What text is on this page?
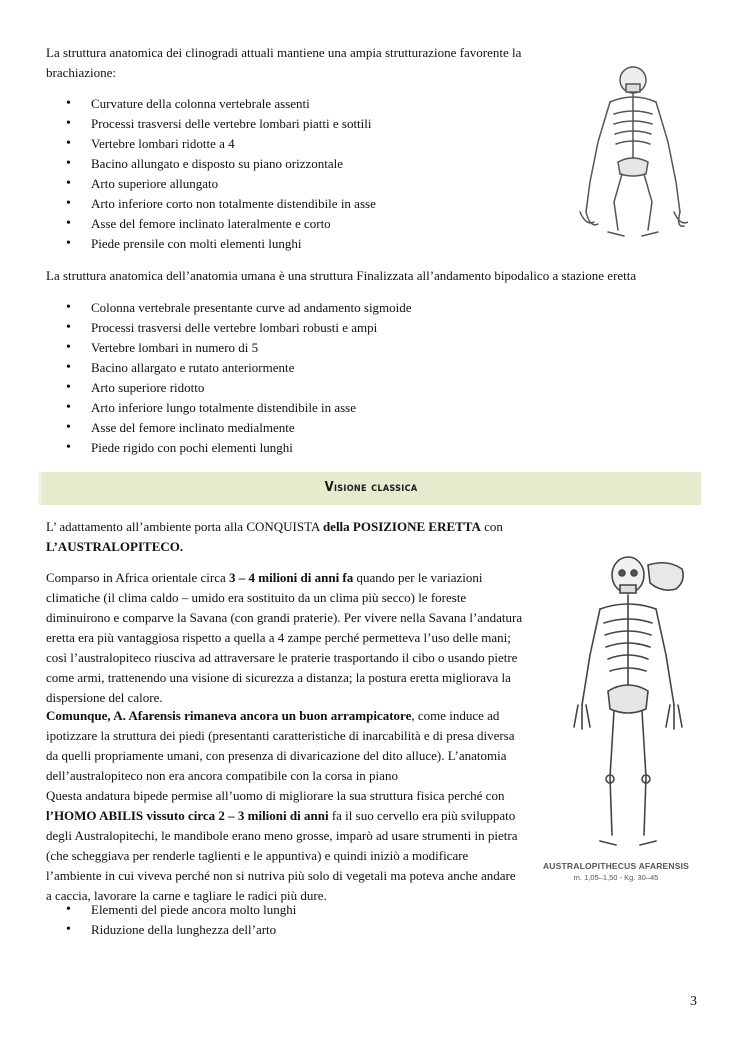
La struttura anatomica dei clinogradi attuali mantiene una ampia strutturazione favorente la brachiazione:

• Curvature della colonna vertebrale assenti
• Processi trasversi delle vertebre lombari piatti e sottili
• Vertebre lombari ridotte a 4
• Bacino allungato e disposto su piano orizzontale
• Arto superiore allungato
• Arto inferiore corto non totalmente distendibile in asse
• Asse del femore inclinato lateralmente e corto
• Piede prensile con molti elementi lunghi

La struttura anatomica dell’anatomia umana è una struttura Finalizzata all’andamento bipodalico a stazione eretta

• Colonna vertebrale presentante curve ad andamento sigmoide
• Processi trasversi delle vertebre lombari robusti e ampi
• Vertebre lombari in numero di 5
• Bacino allargato e rutato anteriormente
• Arto superiore ridotto
• Arto inferiore lungo totalmente distendibile in asse
• Asse del femore inclinato medialmente
• Piede rigido con pochi elementi lunghi
Visione classica

L’ adattamento all’ambiente porta alla CONQUISTA della POSIZIONE ERETTA con
L’AUSTRALOPITECO.

Comparso in Africa orientale circa 3 – 4 milioni di anni fa quando per le variazioni climatiche (il clima caldo – umido era sostituito da un clima più secco) le foreste diminuirono e comparve la Savana (con grandi praterie). Per vivere nella Savana l’andatura eretta era più vantaggiosa rispetto a quella a 4 zampe perché permetteva l’uso delle mani; così l’australopiteco riusciva ad attraversare le praterie trasportando il cibo o usando pietre come armi, trattenendo una visione di sicurezza a distanza; la postura eretta migliorava la dispersione del calore.

Comunque, A. Afarensis rimaneva ancora un buon arrampicatore, come induce ad ipotizzare la struttura dei piedi (presentanti caratteristiche di inarcabilità e di presa diversa da quelli propriamente umani, con presenza di divaricazione del dito alluce). L’anatomia dell’australopiteco non era ancora compatibile con la corsa in piano
Questa andatura bipede permise all’uomo di migliorare la sua struttura fisica perché con l’HOMO ABILIS vissuto circa 2 – 3 milioni di anni fa il suo cervello era più sviluppato degli Australopitechi, le mandibole erano meno grosse, imparò ad usare strumenti in pietra (che scheggiava per renderle taglienti e le appuntiva) e quindi iniziò a modificare l’ambiente in cui viveva perché non si nutriva più solo di vegetali ma poteva anche andare a caccia, lavorare la carne e tagliare le radici più dure.

AUSTRALOPITHECUS AFARENSIS
m. 1,05–1,50 - Kg. 30–45
• Elementi del piede ancora molto lunghi
• Riduzione della lunghezza dell’arto
3
